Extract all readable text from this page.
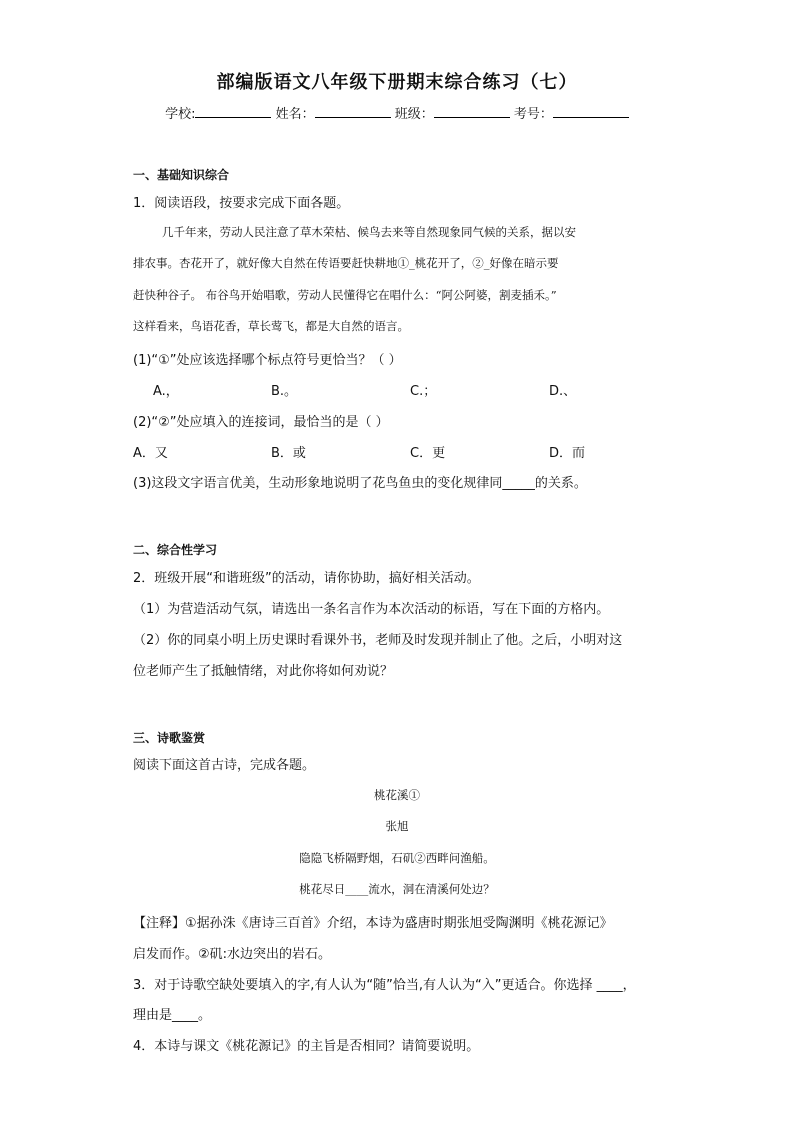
部编版语文八年级下册期末综合练习（七）
学校:	姓名：	班级：	考号：
一、基础知识综合
1．阅读语段，按要求完成下面各题。
几千年来，劳动人民注意了草木荣枯、候鸟去来等自然现象同气候的关系，据以安
排农事。杏花开了，就好像大自然在传语要赶快耕地①_桃花开了，②_好像在暗示要
赶快种谷子。 布谷鸟开始唱歌，劳动人民懂得它在唱什么：“阿公阿婆，割麦插禾。”
这样看来，鸟语花香，草长莺飞，都是大自然的语言。
(1)“①”处应该选择哪个标点符号更恰当？（ ）
A.，	B.。	C.；	D.、
(2)“②”处应填入的连接词，最恰当的是（ ）
A．又	B．或	C．更	D．而
(3)这段文字语言优美，生动形象地说明了花鸟鱼虫的变化规律同_____的关系。
二、综合性学习
2．班级开展“和谐班级”的活动，请你协助，搞好相关活动。
（1）为营造活动气氛，请选出一条名言作为本次活动的标语，写在下面的方格内。
（2）你的同桌小明上历史课时看课外书，老师及时发现并制止了他。之后，小明对这
位老师产生了抵触情绪，对此你将如何劝说？
三、诗歌鉴赏
阅读下面这首古诗，完成各题。
桃花溪①
张旭
隐隐飞桥隔野烟，石矶②西畔问渔船。
桃花尽日____流水，洞在清溪何处边？
【注释】①据孙洙《唐诗三百首》介绍，本诗为盛唐时期张旭受陶渊明《桃花源记》
启发而作。②矶:水边突出的岩石。
3．对于诗歌空缺处要填入的字,有人认为“随”恰当,有人认为“入”更适合。你选择 ____，
理由是____。
4．本诗与课文《桃花源记》的主旨是否相同？请简要说明。
